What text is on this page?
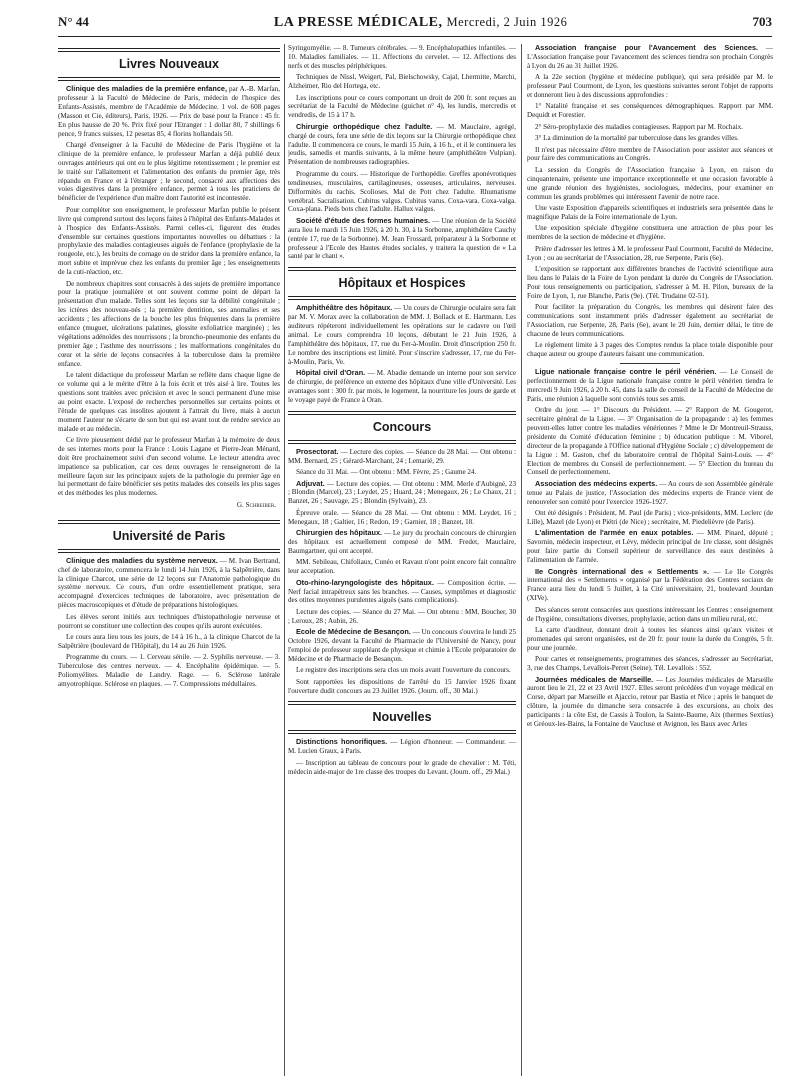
N° 44	LA PRESSE MÉDICALE, Mercredi, 2 Juin 1926	703
Livres Nouveaux

Clinique des maladies de la première enfance, par A.-B. Marfan, professeur à la Faculté de Médecine de Paris, médecin de l'hospice des Enfants-Assistés, membre de l'Académie de Médecine. 1 vol. de 608 pages (Masson et Cie, éditeurs), Paris, 1926. — Prix de base pour la France : 45 fr. En plus hausse de 20 %. Prix fixé pour l'Etranger : 1 dollar 80, 7 shillings 6 pence, 9 francs suisses, 12 pesetas 85, 4 florins hollandais 50.

Chargé d'enseigner à la Faculté de Médecine de Paris l'hygiène et la clinique de la première enfance, le professeur Marfan a déjà publié deux ouvrages antérieurs qui ont eu le plus légitime retentissement ; le premier est le traité sur l'allaitement et l'alimentation des enfants du premier âge, très répandu en France et à l'étranger ; le second, consacré aux affections des voies digestives dans la première enfance, permet à tous les praticiens de bénéficier de l'expérience d'un maître dont l'autorité est incontestée.

Pour compléter son enseignement, le professeur Marfan publie le présent livre qui comprend surtout des leçons faites à l'hôpital des Enfants-Malades et à l'hospice des Enfants-Assistés. Parmi celles-ci, figurent des études d'ensemble sur certaines questions importantes nouvelles ou débattues : la prophylaxie des maladies contagieuses aiguës de l'enfance (prophylaxie de la rougeole, etc.), les bruits de cornage ou de stridor dans la première enfance, la mort subite et imprévue chez les enfants du premier âge ; les enseignements de la cuti-réaction, etc.

De nombreux chapitres sont consacrés à des sujets de première importance pour la pratique journalière et ont souvent comme point de départ la présentation d'un malade. Telles sont les leçons sur la débilité congénitale ; les ictères des nouveau-nés ; la première dentition, ses anomalies et ses accidents ; les affections de la bouche les plus fréquentes dans la première enfance (muguet, ulcérations palatines, glossite exfoliatrice marginée) ; les végétations adénoïdes des nourrissons ; la broncho-pneumonie des enfants du premier âge ; l'asthme des nourrissons ; les malformations congénitales du cœur et la série de leçons consacrées à la tuberculose dans la première enfance.

Le talent didactique du professeur Marfan se reflète dans chaque ligne de ce volume qui a le mérite d'être à la fois écrit et très aisé à lire. Toutes les questions sont traitées avec précision et avec le souci permanent d'une mise au point exacte. L'exposé de recherches personnelles sur certains points et l'étude de quelques cas insolites ajoutent à l'attrait du livre, mais à aucun moment l'auteur ne s'écarte de son but qui est avant tout de rendre service au malade et au médecin.

Ce livre pieusement dédié par le professeur Marfan à la mémoire de deux de ses internes morts pour la France : Louis Lagane et Pierre-Jean Ménard, doit être prochainement suivi d'un second volume. Le lecteur attendra avec impatience sa publication, car ces deux ouvrages le renseigneront de la meilleure façon sur les principaux sujets de la pathologie du premier âge en lui permettant de faire bénéficier ses petits malades des conseils les plus sages et des méthodes les plus modernes.

G. Schreiber.
Université de Paris

Clinique des maladies du système nerveux. — M. Ivan Bertrand, chef de laboratoire, commencera le lundi 14 Juin 1926, à la Salpêtrière, dans la clinique Charcot, une série de 12 leçons sur l'Anatomie pathologique du système nerveux. Ce cours, d'un ordre essentiellement pratique, sera accompagné d'exercices techniques de laboratoire, avec présentation de pièces macroscopiques et d'étude de préparations histologiques.

Les élèves seront initiés aux techniques d'histopathologie nerveuse et pourront se constituer une collection des coupes qu'ils auront exécutées.

Le cours aura lieu tous les jours, de 14 à 16 h., à la clinique Charcot de la Salpêtrière (boulevard de l'Hôpital), du 14 au 26 Juin 1926.

Programme du cours. — 1. Cerveau sénile. — 2. Syphilis nerveuse. — 3. Tuberculose des centres nerveux. — 4. Encéphalite épidémique. — 5. Poliomyélites. Maladie de Landry. Rage. — 6. Sclérose latérale amyotrophique. Sclérose en plaques. — 7. Compressions médullaires.

Syringomyélie. — 8. Tumeurs cérébrales. — 9. Encéphalopathies infantiles. — 10. Maladies familiales. — 11. Affections du cervelet. — 12. Affections des nerfs et des muscles périphériques.

Techniques de Nissl, Weigert, Pal, Bielschowsky, Cajal, Lhermitte, Marchi, Alzheimer, Rio del Hortega, etc.

Les inscriptions pour ce cours comportant un droit de 200 fr. sont reçues au secrétariat de la Faculté de Médecine (guichet n° 4), les lundis, mercredis et vendredis, de 15 à 17 h.

Chirurgie orthopédique chez l'adulte. — M. Mauclaire, agrégé, chargé de cours, fera une série de dix leçons sur la Chirurgie orthopédique chez l'adulte. Il commencera ce cours, le mardi 15 Juin, à 16 h., et il le continuera les jeudis, samedis et mardis suivants, à la même heure (amphithéâtre Vulpian). Présentation de nombreuses radiographies.

Programme du cours. — Historique de l'orthopédie. Greffes aponévrotiques tendineuses, musculaires, cartilagineuses, osseuses, articulaires, nerveuses. Difformités du rachis. Scolioses. Mal de Pott chez l'adulte. Rhumatisme vertébral. Sacralisation. Cubitus valgus. Cubitus varus. Coxa-vara. Coxa-valga. Coxa-plana. Pieds bots chez l'adulte. Hallux valgus.

Société d'étude des formes humaines. — Une réunion de la Société aura lieu le mardi 15 Juin 1926, à 20 h. 30, à la Sorbonne, amphithéâtre Cauchy (entrée 17, rue de la Sorbonne). M. Jean Frossard, préparateur à la Sorbonne et professeur à l'Ecole des Hautes études sociales, y traitera la question de « La santé par le chant ».

Hôpitaux et Hospices

Amphithéâtre des hôpitaux. — Un cours de Chirurgie oculaire sera fait par M. V. Morax avec la collaboration de MM. J. Bollack et E. Hartmann. Les auditeurs répéteront individuellement les opérations sur le cadavre ou l'œil animal. Le cours comprendra 10 leçons, débutant le 21 Juin 1926, à l'amphithéâtre des hôpitaux, 17, rue du Fer-à-Moulin. Droit d'inscription 250 fr. Le nombre des inscriptions est limité. Pour s'inscrire s'adresser, 17, rue du Fer-à-Moulin, Paris, Ve.

Hôpital civil d'Oran. — M. Abadie demande un interne pour son service de chirurgie, de préférence un externe des hôpitaux d'une ville d'Université. Les avantages sont : 300 fr. par mois, le logement, la nourriture les jours de garde et le voyage payé de France à Oran.

Concours

Prosectorat. — Lecture des copies. — Séance du 28 Mai. — Ont obtenu : MM. Bernard, 25 ; Gérard-Marchant, 24 ; Lemarié, 29.

Séance du 31 Mai. — Ont obtenu : MM. Fèvre, 25 ; Gaume 24.

Adjuvat. — Lecture des copies. — Ont obtenu : MM. Merle d'Aubigné, 23 ; Blondin (Marcel), 23 ; Leydet, 25 ; Huard, 24 ; Menegaux, 26 ; Le Chaux, 21 ; Banzet, 26 ; Sauvage, 25 ; Blondin (Sylvain), 23.

Épreuve orale. — Séance du 28 Mai. — Ont obtenu : MM. Leydet, 16 ; Menegaux, 18 ; Galtier, 16 ; Redon, 19 ; Garnier, 18 ; Banzet, 18.

Chirurgien des hôpitaux. — Le jury du prochain concours de chirurgien des hôpitaux est actuellement composé de MM. Fredet, Mauclaire, Baumgartner, qui ont accepté.

MM. Sebileau, Chifoliaux, Cunéo et Ravaut n'ont point encore fait connaître leur acceptation.

Oto-rhino-laryngologiste des hôpitaux. — Composition écrite. — Nerf facial intrapétreux sans les branches. — Causes, symptômes et diagnostic des otites moyennes purulentes aiguës (sans complications).

Lecture des copies. — Séance du 27 Mai. — Ont obtenu : MM. Boucher, 30 ; Leroux, 28 ; Aubin, 26.

Ecole de Médecine de Besançon. — Un concours s'ouvrira le lundi 25 Octobre 1926, devant la Faculté de Pharmacie de l'Université de Nancy, pour l'emploi de professeur suppléant de physique et chimie à l'Ecole préparatoire de Médecine et de Pharmacie de Besançon.

Le registre des inscriptions sera clos un mois avant l'ouverture du concours.

Sont rapportées les dispositions de l'arrêté du 15 Janvier 1926 fixant l'ouverture dudit concours au 23 Juillet 1926. (Journ. off., 30 Mai.)

Nouvelles

Distinctions honorifiques. — Légion d'honneur. — Commandeur. — M. Lucien Graux, à Paris.

— Inscription au tableau de concours pour le grade de chevalier : M. Téti, médecin aide-major de 1re classe des troupes du Levant. (Journ. off., 29 Mai.)

Association française pour l'Avancement des Sciences. — L'Association française pour l'avancement des sciences tiendra son prochain Congrès à Lyon du 26 au 31 Juillet 1926.

A la 22e section (hygiène et médecine publique), qui sera présidée par M. le professeur Paul Courmont, de Lyon, les questions suivantes seront l'objet de rapports et donneront lieu à des discussions approfondies :

1° Natalité française et ses conséquences démographiques. Rapport par MM. Dequidt et Forestier.

2° Séro-prophylaxie des maladies contagieuses. Rapport par M. Rochaix.

3° La diminution de la mortalité par tuberculose dans les grandes villes.

Il n'est pas nécessaire d'être membre de l'Association pour assister aux séances et pour faire des communications au Congrès.

La session du Congrès de l'Association française à Lyon, en raison du cinquantenaire, présente une importance exceptionnelle et une occasion favorable à une grande réunion des hygiénistes, sociologues, médecins, pour examiner en commun les grands problèmes qui intéressent l'avenir de notre race.

Une vaste Exposition d'appareils scientifiques et industriels sera présentée dans le magnifique Palais de la Foire internationale de Lyon.

Une exposition spéciale d'hygiène constituera une attraction de plus pour les membres de la section de médecine et d'hygiène.

Prière d'adresser les lettres à M. le professeur Paul Courmont, Faculté de Médecine, Lyon ; ou au secrétariat de l'Association, 28, rue Serpente, Paris (6e).

L'exposition se rapportant aux différentes branches de l'activité scientifique aura lieu dans le Palais de la Foire de Lyon pendant la durée du Congrès de l'Association. Pour tous renseignements ou participation, s'adresser à M. H. Pilon, bureaux de la Foire de Lyon, 1, rue Blanche, Paris (9e). (Tél. Trudaine 02-51).

Pour faciliter la préparation du Congrès, les membres qui désirent faire des communications sont instamment priés d'adresser également au secrétariat de l'Association, rue Serpente, 28, Paris (6e), avant le 20 Juin, dernier délai, le titre de chacune de leurs communications.

Le règlement limite à 3 pages des Comptes rendus la place totale disponible pour chaque auteur ou groupe d'auteurs faisant une communication.

Ligue nationale française contre le péril vénérien. — Le Conseil de perfectionnement de la Ligue nationale française contre le péril vénérien tiendra le mercredi 9 Juin 1926, à 20 h. 45, dans la salle de conseil de la Faculté de Médecine de Paris, une réunion à laquelle sont conviés tous ses amis.

Ordre du jour. — 1° Discours du Président. — 2° Rapport de M. Gougerot, secrétaire général de la Ligue. — 3° Organisation de la propagande : a) les femmes peuvent-elles lutter contre les maladies vénériennes ? Mme le Dr Montreuil-Strauss, présidente du Comité d'éducation féminine ; b) éducation publique : M. Viborel, directeur de la propagande à l'Office national d'Hygiène Sociale ; c) développement de la Ligue : M. Gaston, chef du laboratoire central de l'hôpital Saint-Louis. — 4° Election de membres du Conseil de perfectionnement. — 5° Election du bureau du Conseil de perfectionnement.

Association des médecins experts. — Au cours de son Assemblée générale tenue au Palais de justice, l'Association des médecins experts de France vient de renouveler son comité pour l'exercice 1926-1927.

Ont été désignés : Président, M. Paul (de Paris) ; vice-présidents, MM. Leclerc (de Lille), Mazel (de Lyon) et Piétri (de Nice) ; secrétaire, M. Piedelièvre (de Paris).

L'alimentation de l'armée en eaux potables. — MM. Pinard, député ; Savornin, médecin inspecteur, et Lévy, médecin principal de 1re classe, sont désignés pour faire partie du Conseil supérieur de surveillance des eaux destinées à l'alimentation de l'armée.

IIe Congrès international des « Settlements ». — Le IIe Congrès international des « Settlements » organisé par la Fédération des Centres sociaux de France aura lieu du lundi 5 Juillet, à la Cité universitaire, 21, boulevard Jourdan (XIVe).

Des séances seront consacrées aux questions intéressant les Centres : enseignement de l'hygiène, consultations diverses, prophylaxie, action dans un milieu rural, etc.

La carte d'auditeur, donnant droit à toutes les séances ainsi qu'aux visites et promenades qui seront organisées, est de 20 fr. pour toute la durée du Congrès, 5 fr. pour une journée.

Pour cartes et renseignements, programmes des séances, s'adresser au Secrétariat, 3, rue des Champs, Levallois-Perret (Seine). Tél. Levallois : 552.

Journées médicales de Marseille. — Les Journées médicales de Marseille auront lieu le 21, 22 et 23 Avril 1927. Elles seront précédées d'un voyage médical en Corse, départ par Marseille et Ajaccio, retour par Bastia et Nice ; après le banquet de clôture, la journée du dimanche sera consacrée à des excursions, au choix des participants : la côte Est, de Cassis à Toulon, la Sainte-Baume, Aix (thermes Sextius) et Gréoux-les-Bains, la Fontaine de Vaucluse et Avignon, les Baux avec Arles
